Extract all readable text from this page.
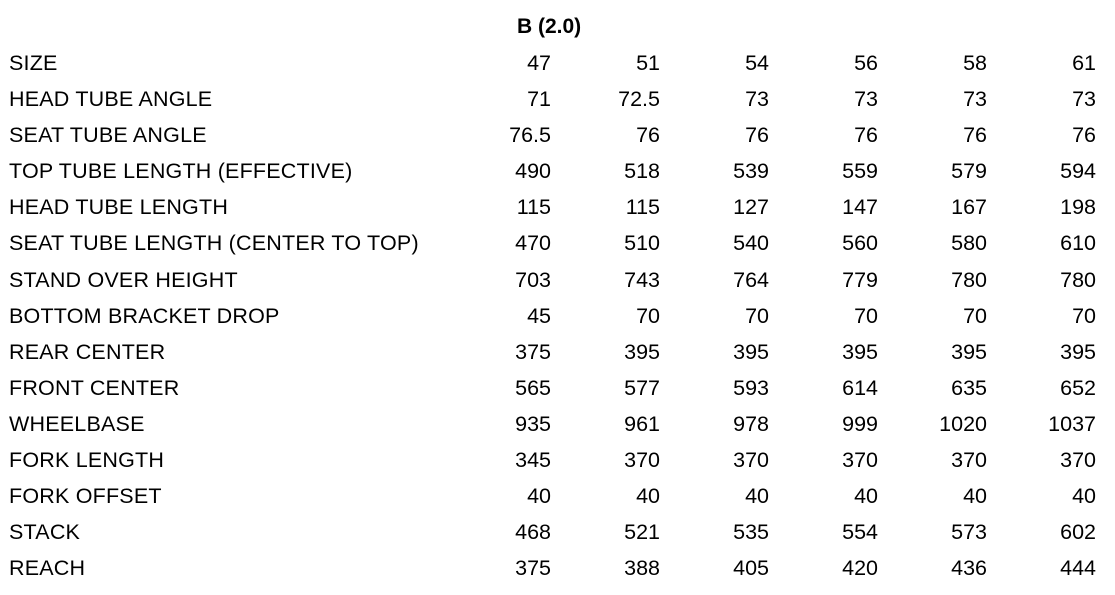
B (2.0)
SIZE	47	51	54	56	58	61
HEAD TUBE ANGLE	71	72.5	73	73	73	73
SEAT TUBE ANGLE	76.5	76	76	76	76	76
TOP TUBE LENGTH (EFFECTIVE)	490	518	539	559	579	594
HEAD TUBE LENGTH	115	115	127	147	167	198
SEAT TUBE LENGTH (CENTER TO TOP)	470	510	540	560	580	610
STAND OVER HEIGHT	703	743	764	779	780	780
BOTTOM BRACKET DROP	45	70	70	70	70	70
REAR CENTER	375	395	395	395	395	395
FRONT CENTER	565	577	593	614	635	652
WHEELBASE	935	961	978	999	1020	1037
FORK LENGTH	345	370	370	370	370	370
FORK OFFSET	40	40	40	40	40	40
STACK	468	521	535	554	573	602
REACH	375	388	405	420	436	444
